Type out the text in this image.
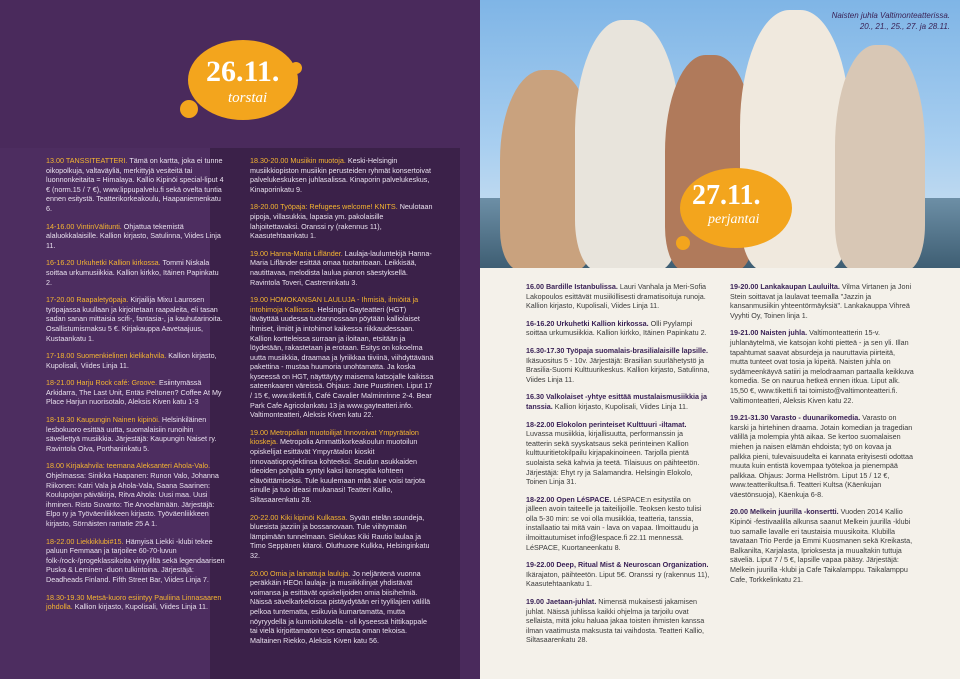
26.11.
torstai
27.11.
perjantai
Naisten juhla Valtimonteatterissa.
20., 21., 25., 27. ja 28.11.

13.00 TANSSITEATTERI. Tämä on kartta, joka ei tunne oikopolkuja, valtaväyliä, merkittyjä vesiteitä tai luonnonkeitaita = Himalaya. Kallio Kipinöi special-liput 4 € (norm.15 / 7 €), www.lippupalvelu.fi sekä ovelta tuntia ennen esitystä. Teatterikorkeakoulu, Haapaniemenkatu 6.

14-16.00 VintinVälitunti. Ohjattua tekemistä alaluokkalaisille. Kallion kirjasto, Satulinna, Viides Linja 11.

16-16.20 Urkuhetki Kallion kirkossa. Tommi Niskala soittaa urkumusiikkia. Kallion kirkko, Itäinen Papinkatu 2.

17-20.00 Raapaletyöpaja. Kirjailija Mixu Laurosen työpajassa kuullaan ja kirjoitetaan raapaleita, eli tasan sadan sanan mittaisia scifi-, fantasia-, ja kauhutarinoita. Osallistumismaksu 5 €. Kirjakauppa Aavetaajuus, Kustaankatu 1.

17-18.00 Suomenkielinen kielikahvila. Kallion kirjasto, Kupolisali, Viides Linja 11.

18-21.00 Harju Rock café: Groove. Esiintymässä Arkidarra, The Last Unit, Entäs Peltonen? Coffee At My Place Harjun nuorisotalo, Aleksis Kiven katu 1-3

18-18.30 Kaupungin Nainen kipinöi. Helsinkiläinen lesbokuoro esittää uutta, suomalaisiin runoihin sävellettyä musiikkia. Järjestäjä: Kaupungin Naiset ry. Ravintola Oiva, Porthaninkatu 5.

18.00 Kirjakahvila: teemana Aleksanteri Ahola-Valo. Ohjelmassa: Sinikka Haapanen: Runon Valo, Johanna Riikonen: Katri Vala ja Ahola-Vala, Saana Saarinen: Koulupojan päiväkirja, Ritva Ahola: Uusi maa. Uusi ihminen. Risto Suvanto: Tie Arvoelämään. Järjestäjä: Elpo ry ja Työväenliikkeen kirjasto. Työväenliikkeen kirjasto, Sörnäisten rantatie 25 A 1.

18-22.00 Liekkiklubi#15. Hämyisä Liekki -klubi tekee paluun Femmaan ja tarjoilee 60-70-luvun folk-/rock-/progeklassikoita vinyyliltä sekä legendaarisen Puska & Leminen -duon tulkintoina. Järjestäjä: Deadheads Finland. Fifth Street Bar, Viides Linja 7.

18.30-19.30 Metsä-kuoro esiintyy Pauliina Linnasaaren johdolla. Kallion kirjasto, Kupolisali, Viides Linja 11.

18.30-20.00 Musiikin muotoja. Keski-Helsingin musiikkiopiston musiikin perusteiden ryhmät konsertoivat palvelukeskuksen juhlasalissa. Kinaporin palvelukeskus, Kinaporinkatu 9.

18-20.00 Työpaja: Refugees welcome! KNITS. Neulotaan pipoja, villasukkia, lapasia ym. pakolaisille lahjoitettavaksi. Oranssi ry (rakennus 11), Kaasutehtaankatu 1.

19.00 Hanna-Maria Lifländer. Laulaja-lauluntekijä Hanna-Maria Lifländer esittää omaa tuotantoaan. Leikkisää, nautittavaa, melodista laulua pianon säestyksellä. Ravintola Toveri, Castreninkatu 3.

19.00 HOMOKANSAN LAULUJA - Ihmisiä, ilmiöitä ja intohimoja Kalliossa. Helsingin Gayteatteri (HGT) läväyttää uudessa tuotannossaan pöytään kalliolaiset ihmiset, ilmiöt ja intohimot kaikessa riikkaudessaan. Kallion kortteleissa surraan ja iloitaan, etsitään ja löydetään, rakastetaan ja erotaan. Esitys on kokoelma uutta musiikkia, draamaa ja lyriikkaa tiiviinä, viihdyttävänä pakettina - mustaa huumoria unohtamatta. Ja koska kyseessä on HGT, näyttäytyy maisema katsojalle kaikissa sateenkaaren väreissä. Ohjaus: Jane Puustinen. Liput 17 / 15 €, www.tiketti.fi, Café Cavalier Malminrinne 2-4. Bear Park Cafe Agricolankatu 13 ja www.gayteatteri.info. Valtimonteatteri, Aleksis Kiven katu 22.

19.00 Metropolian muotoilijat Innovoivat Ympyrätalon kioskeja. Metropolia Ammattikorkeakoulun muotoilun opiskelijat esittävät Ympyrätalon kioskit innovaatioprojektinsa kohteeksi. Seudun asukkaiden ideoiden pohjalta syntyi kaksi konseptia kohteen elävöittämiseksi. Tule kuulemaan mitä alue voisi tarjota sinulle ja tuo ideasi mukanasi! Teatteri Kallio, Siltasaarenkatu 28.

20-22.00 Kiki kipinöi Kulkassa. Syvän etelän soundeja, bluesista jazziin ja bossanovaan. Tule viihtymään lämpimään tunnelmaan. Sielukas Kiki Rautio laulaa ja Timo Seppänen kitaroi. Oluthuone Kulkka, Helsinginkatu 32.

20.00 Omia ja lainattuja lauluja. Jo neljäntenä vuonna peräkkäin HEOn laulaja- ja musiikkilinjat yhdistävät voimansa ja esittävät opiskelijoiden omia biisihelmiä. Näissä sävelkarkeloissa pistäydytään eri tyylilajien välillä pelkoa tuntematta, esikuvia kumartamatta, mutta nöyryydellä ja kunnioituksella - oli kyseessä hittikappale tai vielä kirjoittamaton teos omasta oman tekoisa. Maltainen Riekko, Aleksis Kiven katu 56.

16.00 Bardille Istanbulissa. Lauri Vanhala ja Meri-Sofia Lakopoulos esittävät musiikillisesti dramatisoituja runoja. Kallion kirjasto, Kupolisali, Viides Linja 11.

16-16.20 Urkuhetki Kallion kirkossa. Olli Pyylampi soittaa urkumusiikkia. Kallion kirkko, Itäinen Papinkatu 2.

16.30-17.30 Työpaja suomalais-brasilialaisille lapsille. Ikäsuositus 5 - 10v. Järjestäjä: Brasilian suurlähetystö ja Brasilia-Suomi Kulttuurikeskus. Kallion kirjasto, Satulinna, Viides Linja 11.

16.30 Valkolaiset -yhtye esittää mustalaismusiikkia ja tanssia. Kallion kirjasto, Kupolisali, Viides Linja 11.

18-22.00 Elokolon perinteiset Kulttuuri -iltamat. Luvassa musiikkia, kirjallisuutta, performanssin ja teatterin sekä syyskatsaus sekä perinteinen Kallion kulttuuritietokilpailu kirjapakinoineen. Tarjolla pientä suolaista sekä kahvia ja teetä. Tilaisuus on päihteetön. Järjestäjä: Ehyt ry ja Salamandra. Helsingin Elokolo, Toinen Linja 31.

18-22.00 Open LéSPACE. LéSPACE:n esitystila on jälleen avoin taiteelle ja taiteilijoille. Teoksen kesto tulisi olla 5-30 min: se voi olla musiikkia, teatteria, tanssia, installaatio tai mitä vain - lava on vapaa. Ilmoittaudu ja ilmoittautumiset info@lespace.fi 22.11 mennessä. LéSPACE, Kuortaneenkatu 8.

19-22.00 Deep, Ritual Mist & Neuroscan Organization. Ikärajaton, päihteetön. Liput 5€. Oranssi ry (rakennus 11), Kaasutehtaankatu 1.

19.00 Jaetaan-juhlat. Nimensä mukaisesti jakamisen juhlat. Näissä juhlissa kaikki ohjelma ja tarjoilu ovat sellaista, mitä joku haluaa jakaa toisten ihmisten kanssa ilman vaatimusta maksusta tai vaihdosta. Teatteri Kallio, Siltasaarenkatu 28.

19-20.00 Lankakaupan Lauluilta. Vilma Virtanen ja Joni Stein soittavat ja laulavat teemalla "Jazzin ja kansanmusiikin yhteentörmäyksiä". Lankakauppa Vihreä Vyyhti Oy, Toinen linja 1.

19-21.00 Naisten juhla. Valtimonteatterin 15-v. juhlanäytelmä, vie katsojan kohti pietteä - ja sen yli. Illan tapahtumat saavat absurdeja ja nauruttavia piirteitä, mutta tunteet ovat tosia ja kipeitä. Naisten juhla on sydämeenkäyvä satiiri ja melodraaman partaalla keikkuva komedia. Se on naurua hetkeä ennen itkua. Liput alk. 15,50 €, www.tiketti.fi tai toimisto@valtimonteatteri.fi. Valtimonteatteri, Aleksis Kiven katu 22.

19.21-31.30 Varasto - duunarikomedia. Varasto on karski ja hirtehinen draama. Jotain komedian ja tragedian välillä ja molempia yhtä aikaa. Se kertoo suomalaisen miehen ja naisen elämän ehdoista; työ on kovaa ja palkka pieni, tulevaisuudelta ei kannata erityisesti odottaa muuta kuin entistä kovempaa työtekoa ja pienempää palkkaa. Ohjaus: Jorma Hellström. Liput 15 / 12 €, www.teatterikultsa.fi. Teatteri Kultsa (Käenkujan väestönsuoja), Käenkuja 6-8.

20.00 Melkein juurilla -konsertti. Vuoden 2014 Kallio Kipinöi -festivaalilla alkunsa saanut Melkein juurilla -klubi tuo samalle lavalle eri taustaisia muusikoita. Klubilla tavataan Trio Perde ja Emmi Kuosmanen sekä Kreikasta, Balkanilta, Karjalasta, Iprioksesta ja muualtakin tuttuja säveliä. Liput 7 / 5 €, lapsille vapaa pääsy. Järjestäjä: Melkein juurilla -klubi ja Cafe Taikalamppu. Taikalamppu Cafe, Torkkelinkatu 21.
